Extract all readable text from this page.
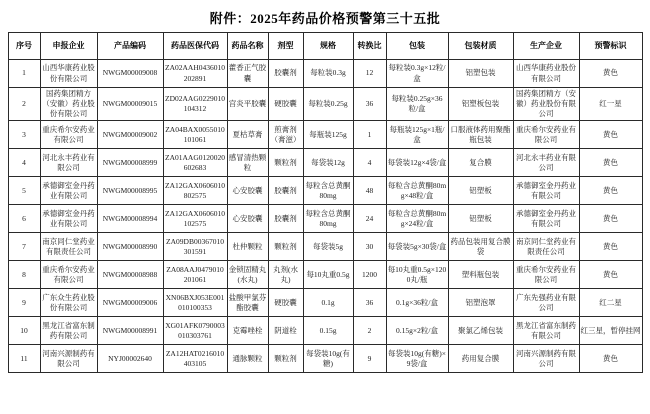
附件：2025年药品价格预警第三十五批
序号	申报企业	产品编码	药品医保代码	药品名称	剂型	规格	转换比	包装	包装材质	生产企业	预警标识
1	山西华康药业股份有限公司	NWGM00009008	ZA02AAH0436010202891	藿香正气胶囊	胶囊剂	每粒装0.3g	12	每粒装0.3g×12粒/盒	铝塑包装	山西华康药业股份有限公司	黄色
2	国药集团精方（安徽）药业股份有限公司	NWGM00009015	ZD02AAG0229010104312	宫炎平胶囊	硬胶囊	每粒装0.25g	36	每粒装0.25g×36粒/盒	铝塑板包装	国药集团精方（安徽）药业股份有限公司	红一星
3	重庆希尔安药业有限公司	NWGM00009002	ZA04BAX0055010101061	夏枯草膏	煎膏剂（膏滋）	每瓶装125g	1	每瓶装125g×1瓶/盒	口服液体药用聚酯瓶包装	重庆希尔安药业有限公司	黄色
4	河北永丰药业有限公司	NWGM00008999	ZA01AAG0120020602683	感冒清热颗粒	颗粒剂	每袋装12g	4	每袋装12g×4袋/盒	复合膜	河北永丰药业有限公司	黄色
5	承德御室金丹药业有限公司	NWGM00008995	ZA12GAX0606010802575	心安胶囊	胶囊剂	每粒含总黄酮80mg	48	每粒含总黄酮80mg×48粒/盒	铝塑板	承德御室金丹药业有限公司	黄色
6	承德御室金丹药业有限公司	NWGM00008994	ZA12GAX0606010102575	心安胶囊	胶囊剂	每粒含总黄酮80mg	24	每粒含总黄酮80mg×24粒/盒	铝塑板	承德御室金丹药业有限公司	黄色
7	南京同仁堂药业有限责任公司	NWGM00008990	ZA09DB00367010301591	杜仲颗粒	颗粒剂	每袋装5g	30	每袋装5g×30袋/盒	药品包装用复合膜袋	南京同仁堂药业有限责任公司	黄色
8	重庆希尔安药业有限公司	NWGM00008988	ZA08AAJ0479010201061	金锁固精丸(水丸)	丸剂(水丸)	每10丸重0.5g	1200	每10丸重0.5g×1200丸/瓶	塑料瓶包装	重庆希尔安药业有限公司	黄色
9	广东众生药业股份有限公司	NWGM00009006	XN06BXJ053E001010100353	盐酸甲氯芬酯胶囊	硬胶囊	0.1g	36	0.1g×36粒/盒	铝塑泡罩	广东先强药业有限公司	红二星
10	黑龙江省富东制药有限公司	NWGM00008991	XG01AFK0790003010303761	克霉唑栓	阴道栓	0.15g	2	0.15g×2粒/盒	聚氯乙烯包装	黑龙江省富东制药有限公司	红三星，暂停挂网
11	河南兴源制药有限公司	NYJ00002640	ZA12HAT0216010403105	通脉颗粒	颗粒剂	每袋装10g(有糖)	9	每袋装10g(有糖)×9袋/盒	药用复合膜	河南兴源制药有限公司	黄色
